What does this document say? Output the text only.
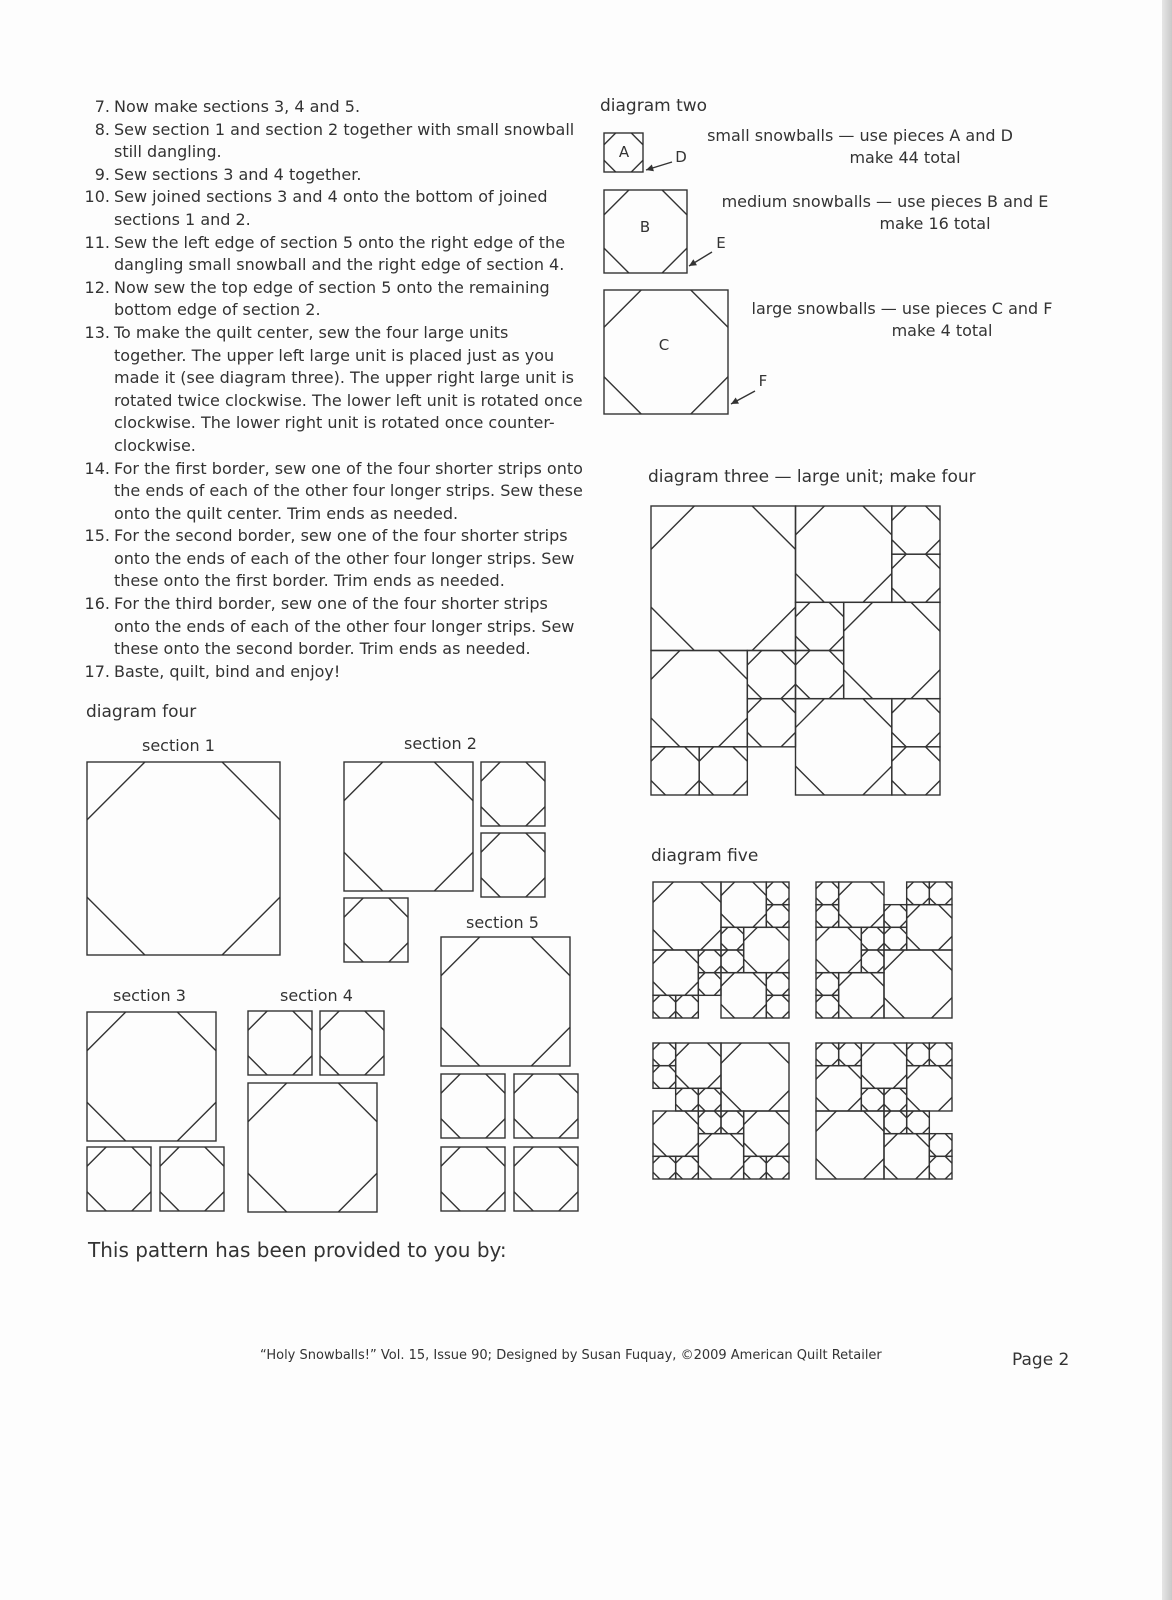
7. Now make sections 3, 4 and 5.
8. Sew section 1 and section 2 together with small snowball still dangling.
9. Sew sections 3 and 4 together.
10. Sew joined sections 3 and 4 onto the bottom of joined sections 1 and 2.
11. Sew the left edge of section 5 onto the right edge of the dangling small snowball and the right edge of section 4.
12. Now sew the top edge of section 5 onto the remaining bottom edge of section 2.
13. To make the quilt center, sew the four large units together. The upper left large unit is placed just as you made it (see diagram three). The upper right large unit is rotated twice clockwise. The lower left unit is rotated once clockwise. The lower right unit is rotated once counter-clockwise.
14. For the first border, sew one of the four shorter strips onto the ends of each of the other four longer strips. Sew these onto the quilt center. Trim ends as needed.
15. For the second border, sew one of the four shorter strips onto the ends of each of the other four longer strips. Sew these onto the first border. Trim ends as needed.
16. For the third border, sew one of the four shorter strips onto the ends of each of the other four longer strips. Sew these onto the second border. Trim ends as needed.
17. Baste, quilt, bind and enjoy!
diagram two
small snowballs — use pieces A and D
make 44 total
medium snowballs — use pieces B and E
make 16 total
large snowballs — use pieces C and F
make 4 total
diagram three — large unit; make four
diagram five
diagram four
section 1	section 2
section 5
section 3	section 4
A	D
B
E
C
F
This pattern has been provided to you by:
“Holy Snowballs!” Vol. 15, Issue 90; Designed by Susan Fuquay, ©2009 American Quilt Retailer	Page 2
